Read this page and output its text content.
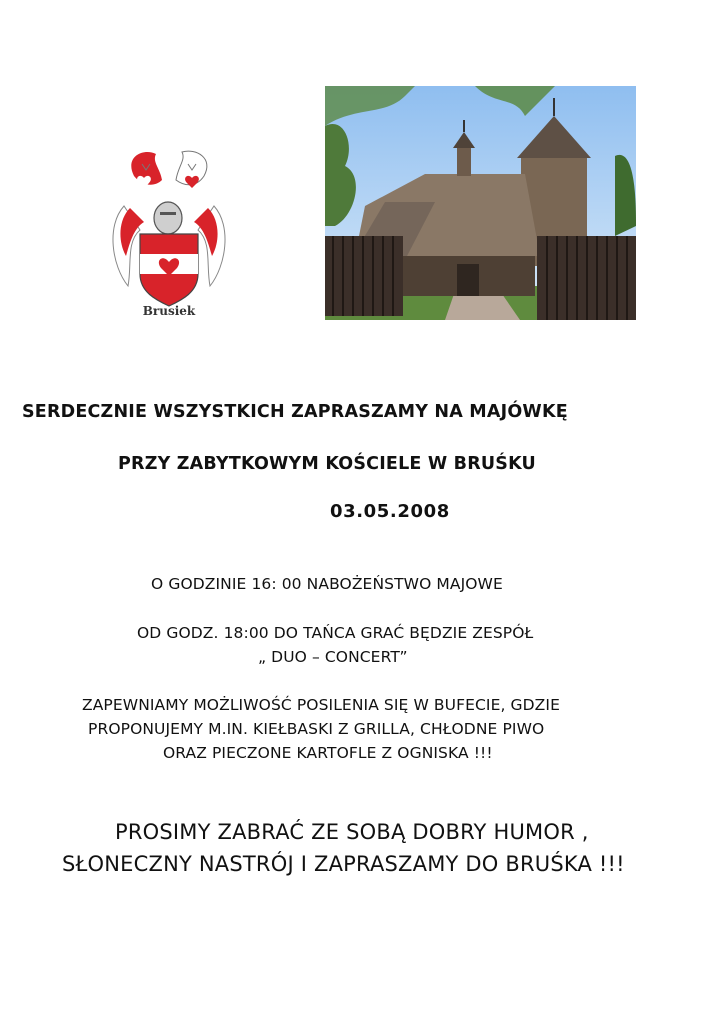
Brusiek
SERDECZNIE WSZYSTKICH ZAPRASZAMY NA MAJÓWKĘ
PRZY ZABYTKOWYM KOŚCIELE W BRUŚKU
03.05.2008
O GODZINIE 16: 00 NABOŻEŃSTWO MAJOWE
OD GODZ. 18:00 DO TAŃCA GRAĆ BĘDZIE ZESPÓŁ
„ DUO – CONCERT”
ZAPEWNIAMY MOŻLIWOŚĆ POSILENIA SIĘ W BUFECIE, GDZIE
PROPONUJEMY M.IN. KIEŁBASKI Z GRILLA, CHŁODNE PIWO
ORAZ PIECZONE KARTOFLE Z OGNISKA !!!
PROSIMY ZABRAĆ ZE SOBĄ DOBRY HUMOR ,
SŁONECZNY NASTRÓJ I ZAPRASZAMY DO BRUŚKA !!!
